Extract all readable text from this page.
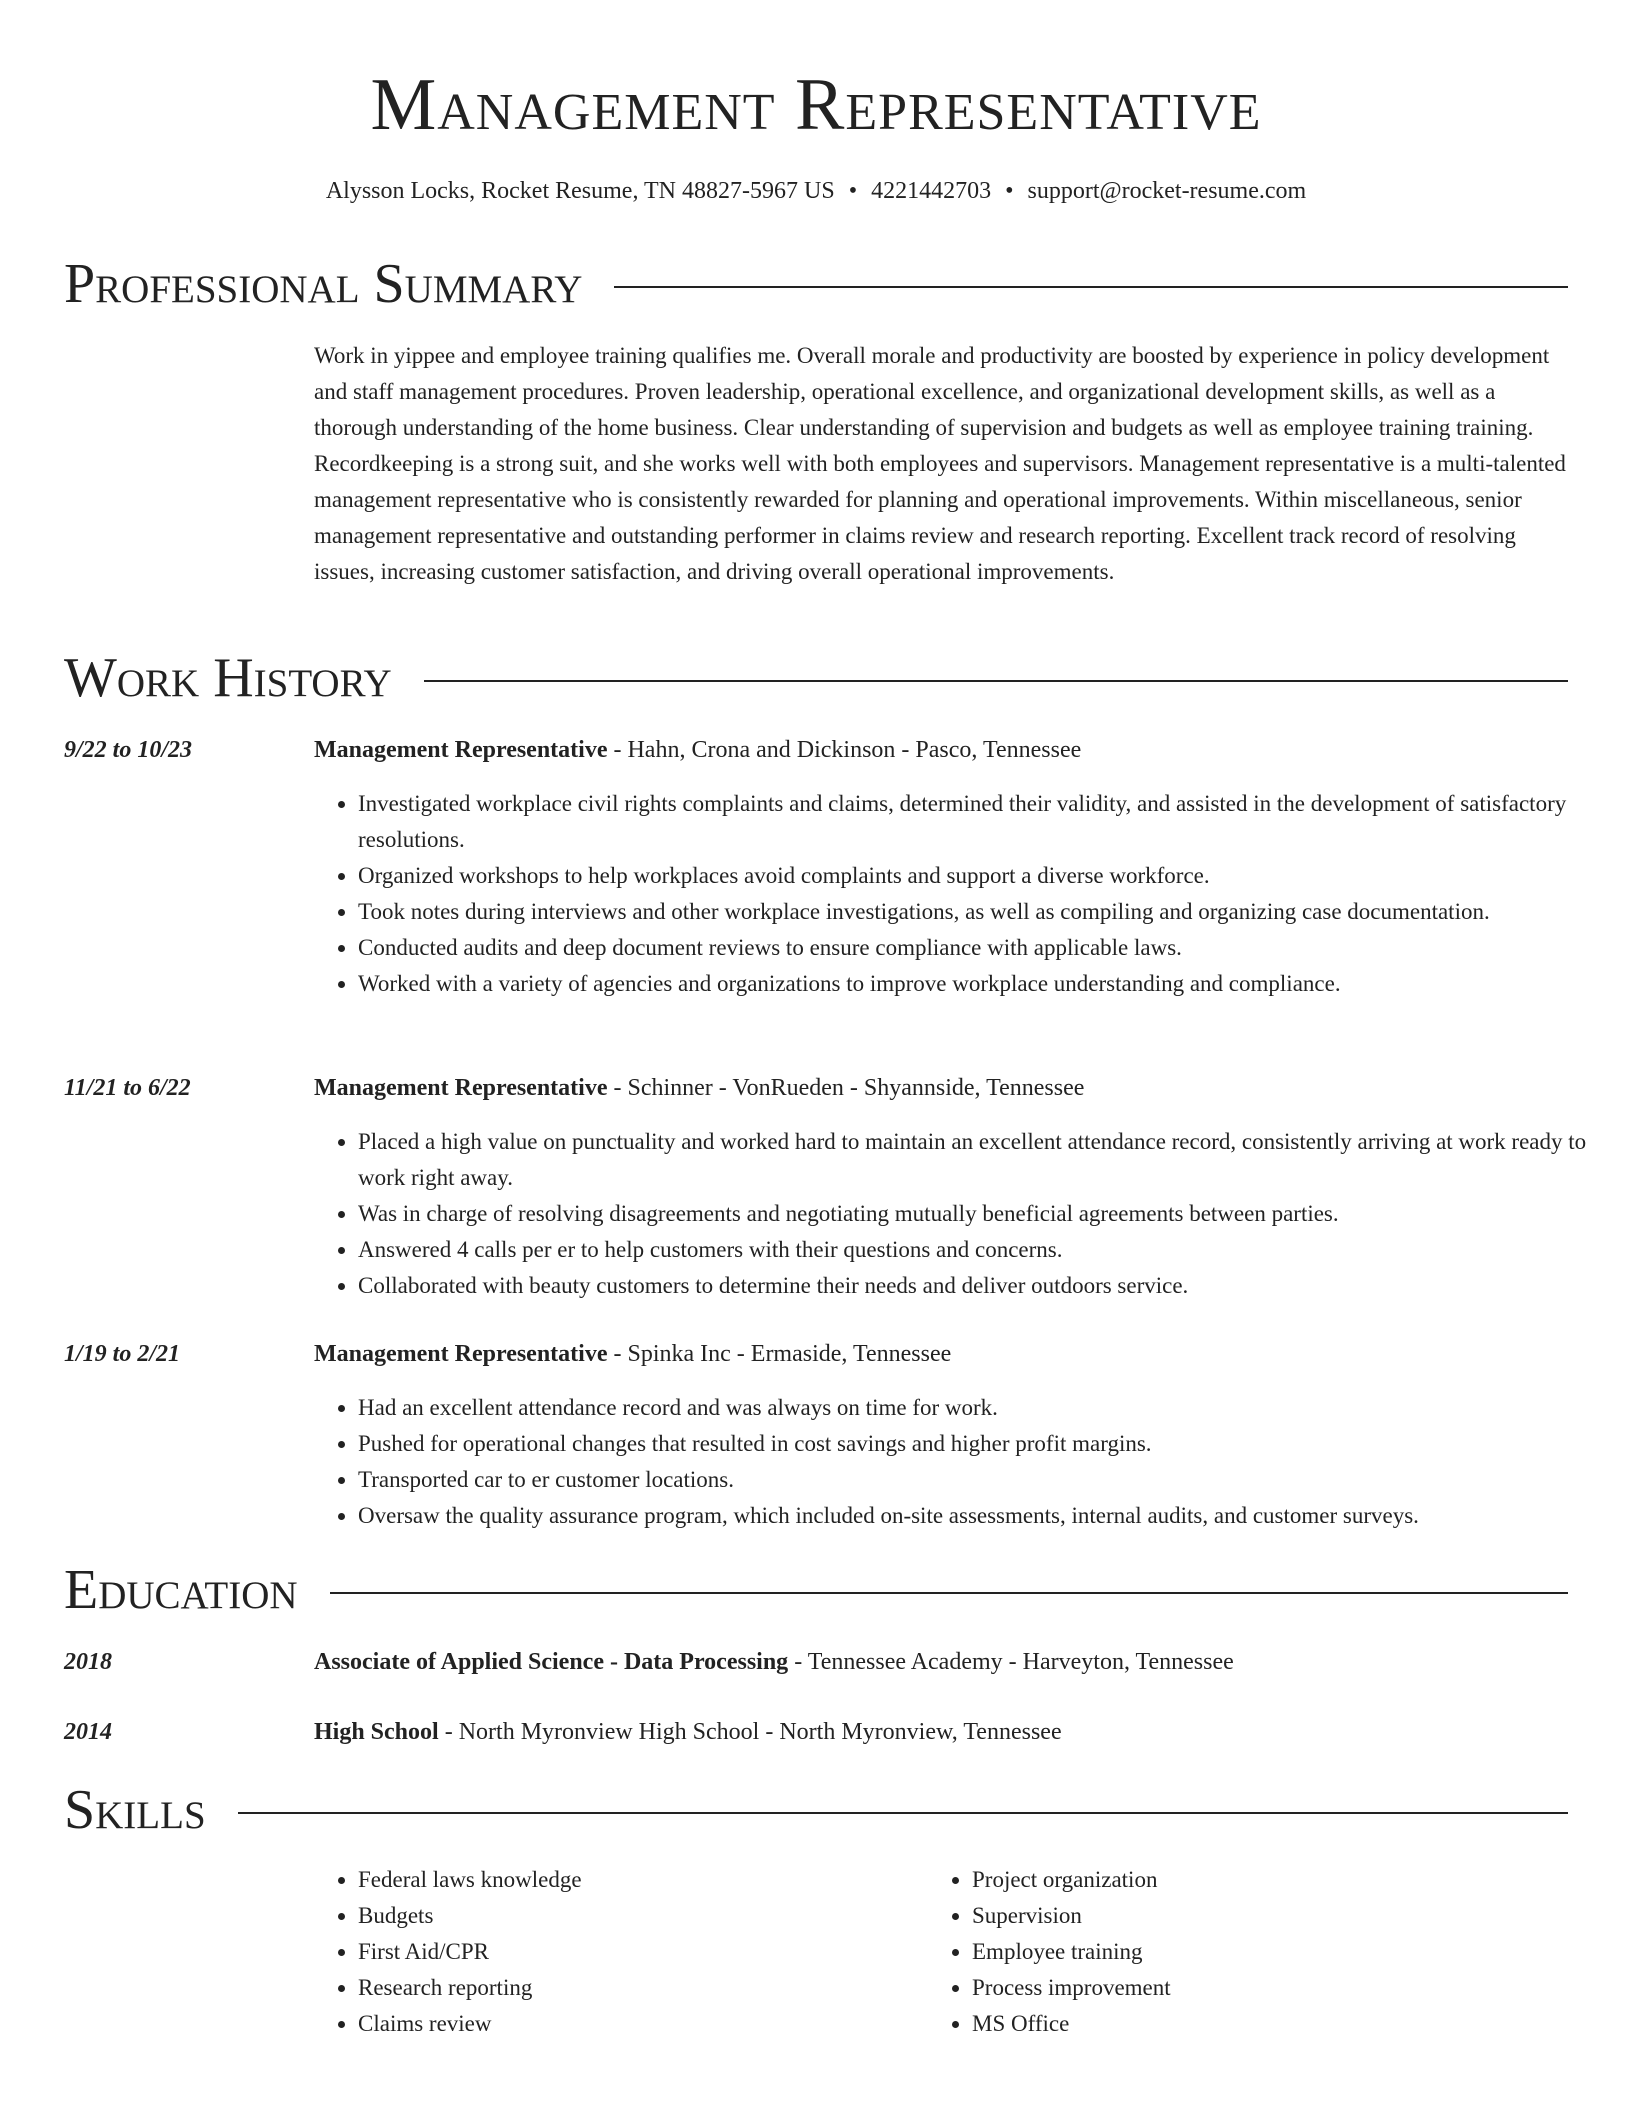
Management Representative
Alysson Locks, Rocket Resume, TN 48827-5967 US • 4221442703 • support@rocket-resume.com
Professional Summary
Work in yippee and employee training qualifies me. Overall morale and productivity are boosted by experience in policy development and staff management procedures. Proven leadership, operational excellence, and organizational development skills, as well as a thorough understanding of the home business. Clear understanding of supervision and budgets as well as employee training training. Recordkeeping is a strong suit, and she works well with both employees and supervisors. Management representative is a multi-talented management representative who is consistently rewarded for planning and operational improvements. Within miscellaneous, senior management representative and outstanding performer in claims review and research reporting. Excellent track record of resolving issues, increasing customer satisfaction, and driving overall operational improvements.
Work History
9/22 to 10/23	Management Representative - Hahn, Crona and Dickinson - Pasco, Tennessee
• Investigated workplace civil rights complaints and claims, determined their validity, and assisted in the development of satisfactory resolutions.
• Organized workshops to help workplaces avoid complaints and support a diverse workforce.
• Took notes during interviews and other workplace investigations, as well as compiling and organizing case documentation.
• Conducted audits and deep document reviews to ensure compliance with applicable laws.
• Worked with a variety of agencies and organizations to improve workplace understanding and compliance.
11/21 to 6/22	Management Representative - Schinner - VonRueden - Shyannside, Tennessee
• Placed a high value on punctuality and worked hard to maintain an excellent attendance record, consistently arriving at work ready to work right away.
• Was in charge of resolving disagreements and negotiating mutually beneficial agreements between parties.
• Answered 4 calls per er to help customers with their questions and concerns.
• Collaborated with beauty customers to determine their needs and deliver outdoors service.
1/19 to 2/21	Management Representative - Spinka Inc - Ermaside, Tennessee
• Had an excellent attendance record and was always on time for work.
• Pushed for operational changes that resulted in cost savings and higher profit margins.
• Transported car to er customer locations.
• Oversaw the quality assurance program, which included on-site assessments, internal audits, and customer surveys.
Education
2018	Associate of Applied Science - Data Processing - Tennessee Academy - Harveyton, Tennessee
2014	High School - North Myronview High School - North Myronview, Tennessee
Skills
• Federal laws knowledge
• Budgets
• First Aid/CPR
• Research reporting
• Claims review
• Project organization
• Supervision
• Employee training
• Process improvement
• MS Office
